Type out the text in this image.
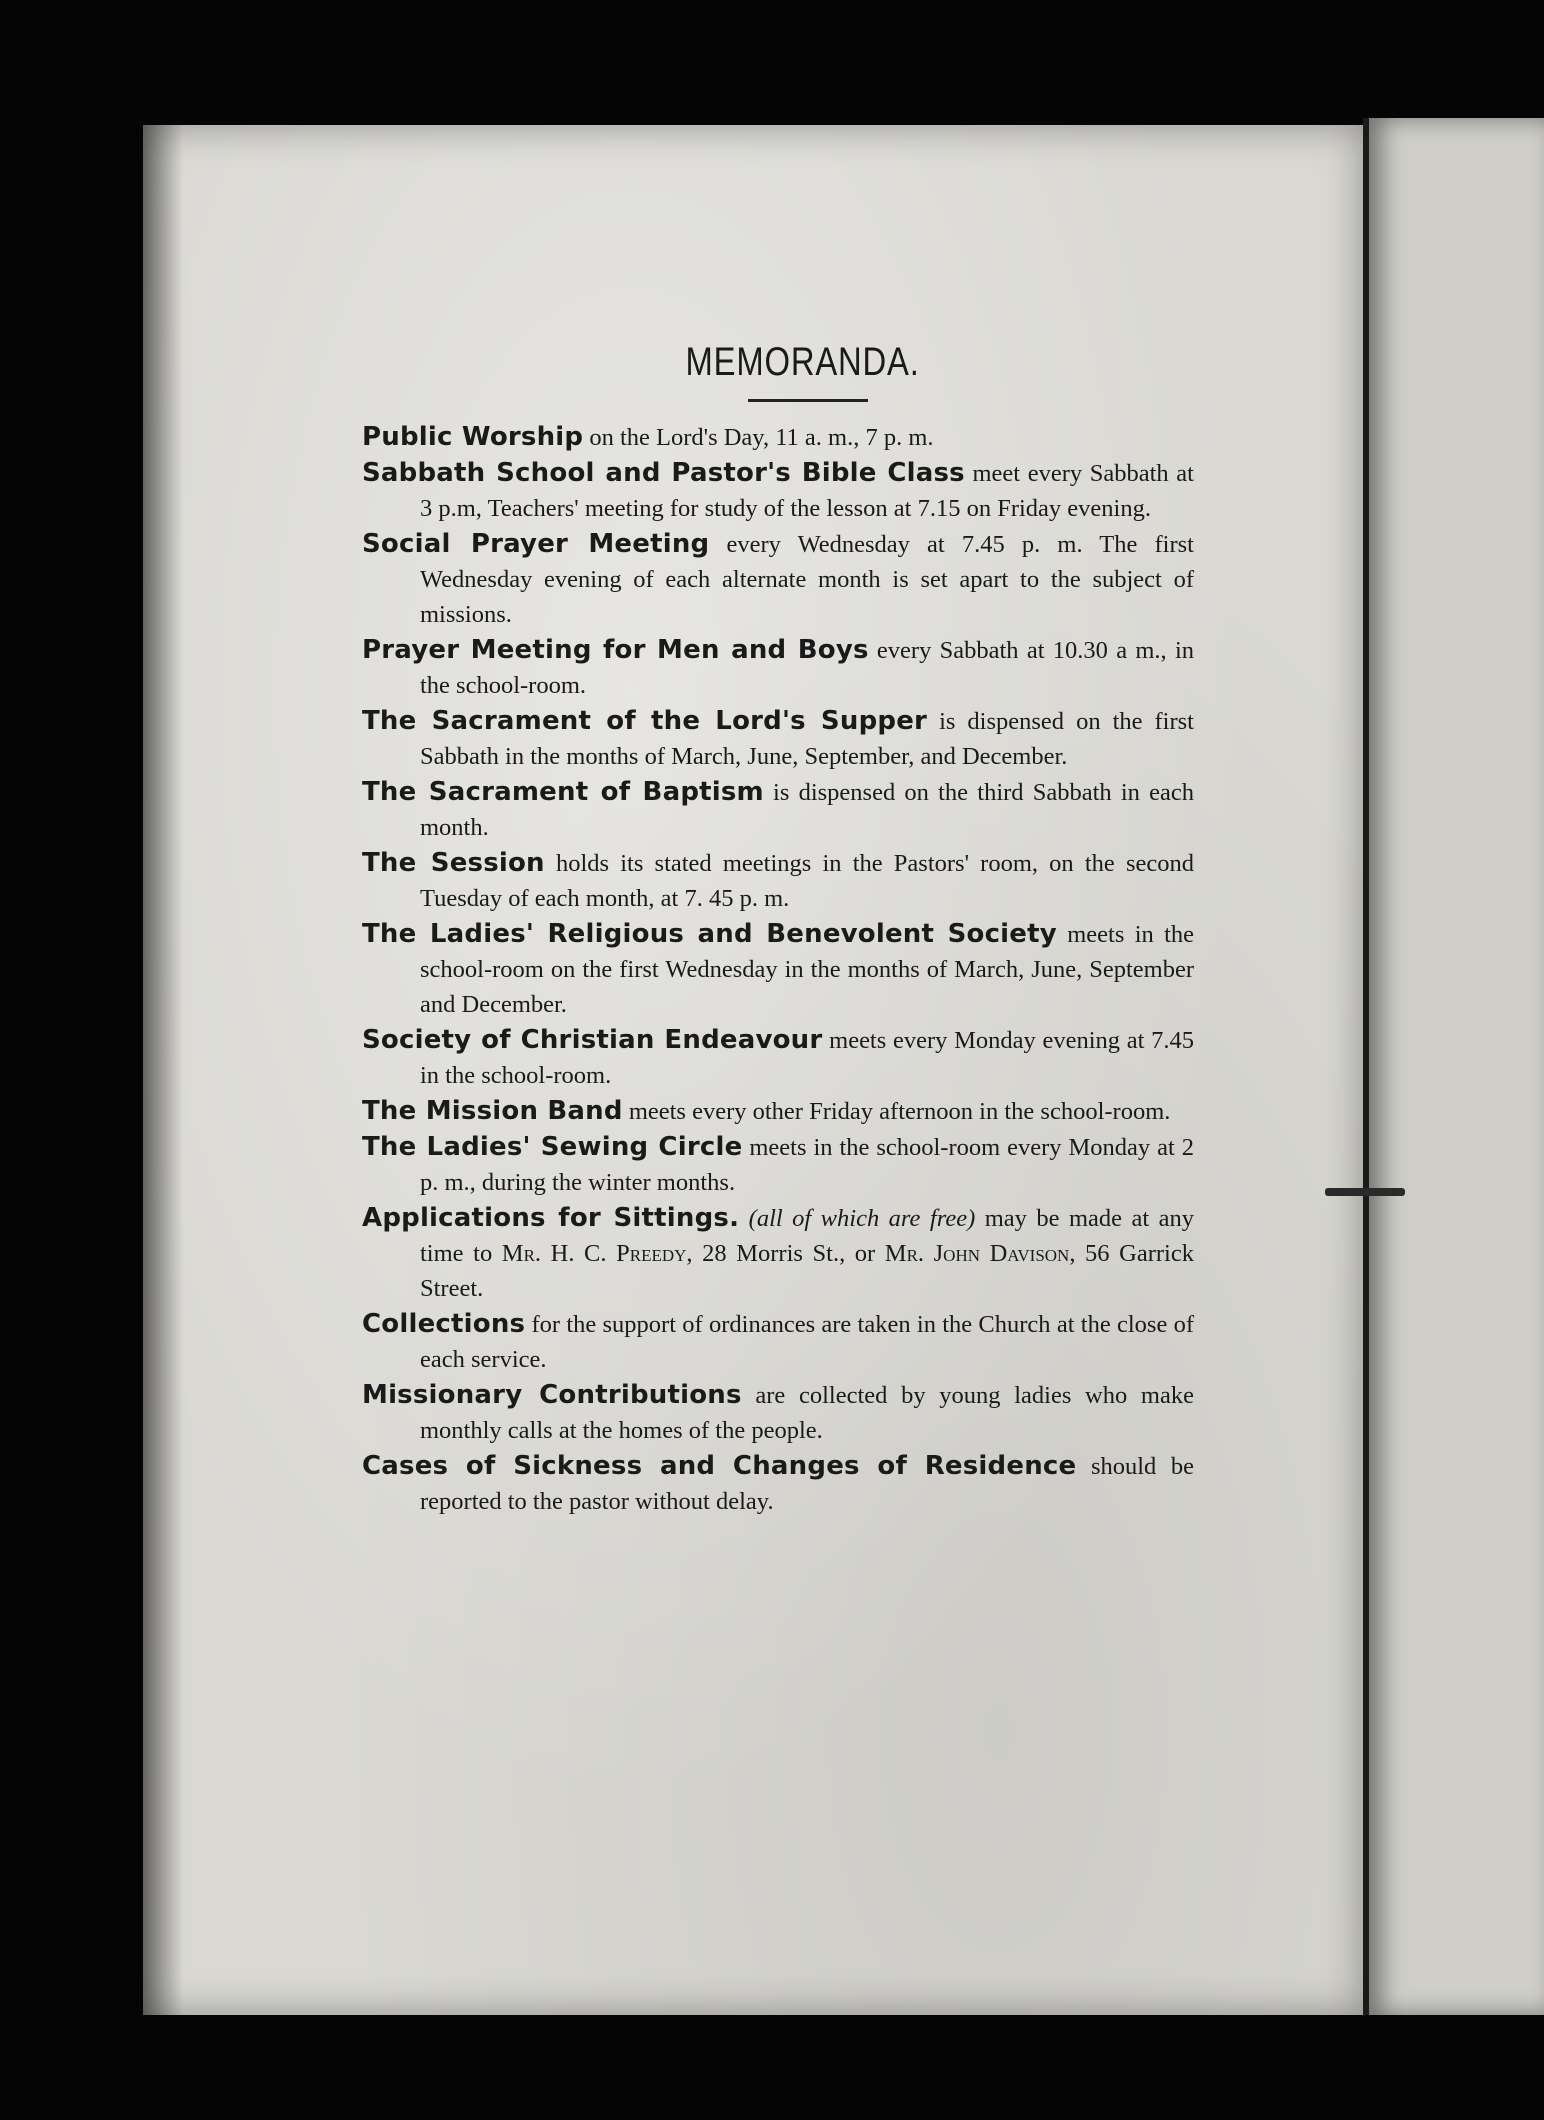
MEMORANDA.

Public Worship on the Lord's Day, 11 a. m., 7 p. m.

Sabbath School and Pastor's Bible Class meet every Sabbath at 3 p.m, Teachers' meeting for study of the lesson at 7.15 on Friday evening.

Social Prayer Meeting every Wednesday at 7.45 p. m. The first Wednesday evening of each alternate month is set apart to the subject of missions.

Prayer Meeting for Men and Boys every Sabbath at 10.30 a m., in the school-room.

The Sacrament of the Lord's Supper is dispensed on the first Sabbath in the months of March, June, September, and December.

The Sacrament of Baptism is dispensed on the third Sabbath in each month.

The Session holds its stated meetings in the Pastors' room, on the second Tuesday of each month, at 7. 45 p. m.

The Ladies' Religious and Benevolent Society meets in the school-room on the first Wednesday in the months of March, June, September and December.

Society of Christian Endeavour meets every Monday evening at 7.45 in the school-room.

The Mission Band meets every other Friday afternoon in the school-room.

The Ladies' Sewing Circle meets in the school-room every Monday at 2 p. m., during the winter months.

Applications for Sittings. (all of which are free) may be made at any time to Mr. H. C. Preedy, 28 Morris St., or Mr. John Davison, 56 Garrick Street.

Collections for the support of ordinances are taken in the Church at the close of each service.

Missionary Contributions are collected by young ladies who make monthly calls at the homes of the people.

Cases of Sickness and Changes of Residence should be reported to the pastor without delay.
